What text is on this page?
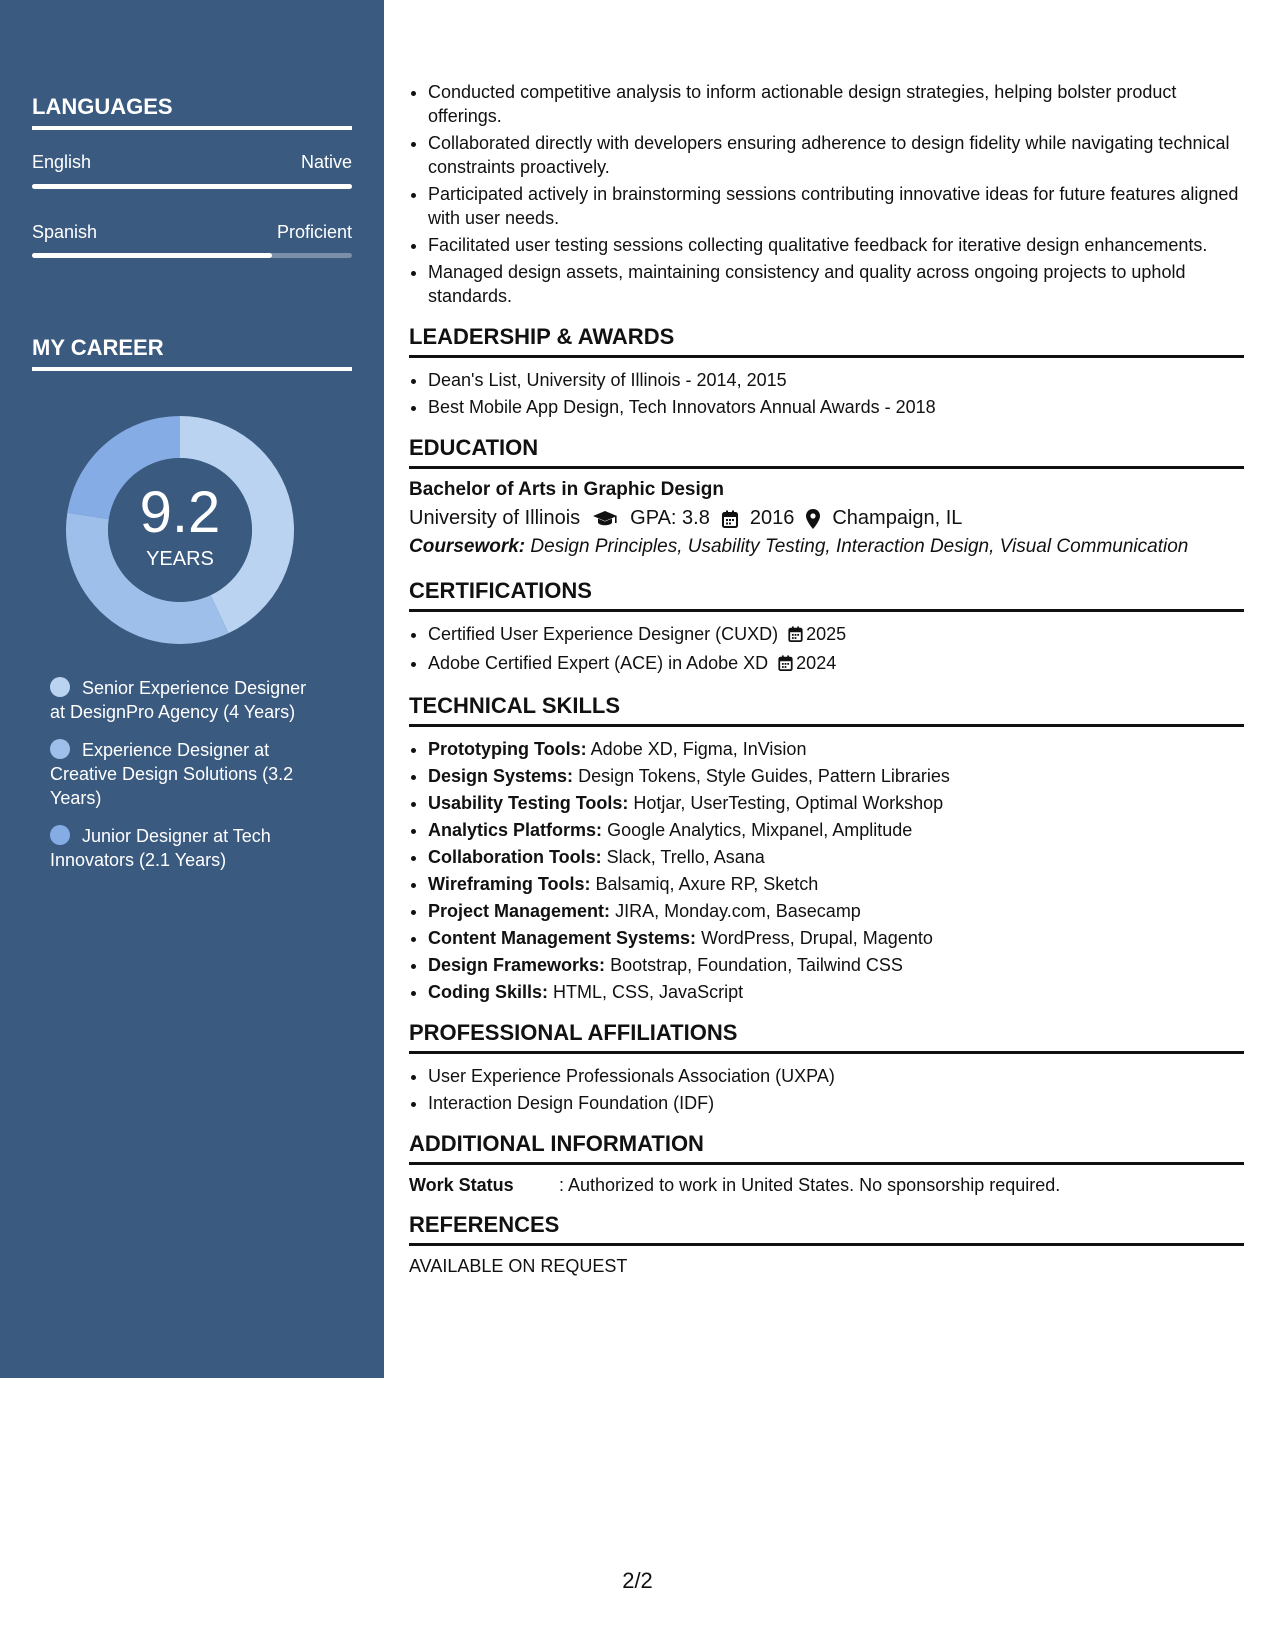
LANGUAGES
English	Native
Spanish	Proficient
MY CAREER
9.2
YEARS
Senior Experience Designer at DesignPro Agency (4 Years)
Experience Designer at Creative Design Solutions (3.2 Years)
Junior Designer at Tech Innovators (2.1 Years)
• Conducted competitive analysis to inform actionable design strategies, helping bolster product offerings.
• Collaborated directly with developers ensuring adherence to design fidelity while navigating technical constraints proactively.
• Participated actively in brainstorming sessions contributing innovative ideas for future features aligned with user needs.
• Facilitated user testing sessions collecting qualitative feedback for iterative design enhancements.
• Managed design assets, maintaining consistency and quality across ongoing projects to uphold standards.
LEADERSHIP & AWARDS
• Dean's List, University of Illinois - 2014, 2015
• Best Mobile App Design, Tech Innovators Annual Awards - 2018
EDUCATION
Bachelor of Arts in Graphic Design
University of Illinois	GPA: 3.8 2016 Champaign, IL
Coursework: Design Principles, Usability Testing, Interaction Design, Visual Communication
CERTIFICATIONS
• Certified User Experience Designer (CUXD) 2025
• Adobe Certified Expert (ACE) in Adobe XD 2024
TECHNICAL SKILLS
• Prototyping Tools: Adobe XD, Figma, InVision
• Design Systems: Design Tokens, Style Guides, Pattern Libraries
• Usability Testing Tools: Hotjar, UserTesting, Optimal Workshop
• Analytics Platforms: Google Analytics, Mixpanel, Amplitude
• Collaboration Tools: Slack, Trello, Asana
• Wireframing Tools: Balsamiq, Axure RP, Sketch
• Project Management: JIRA, Monday.com, Basecamp
• Content Management Systems: WordPress, Drupal, Magento
• Design Frameworks: Bootstrap, Foundation, Tailwind CSS
• Coding Skills: HTML, CSS, JavaScript
PROFESSIONAL AFFILIATIONS
• User Experience Professionals Association (UXPA)
• Interaction Design Foundation (IDF)
ADDITIONAL INFORMATION
Work Status	: Authorized to work in United States. No sponsorship required.
REFERENCES
AVAILABLE ON REQUEST
2/2
